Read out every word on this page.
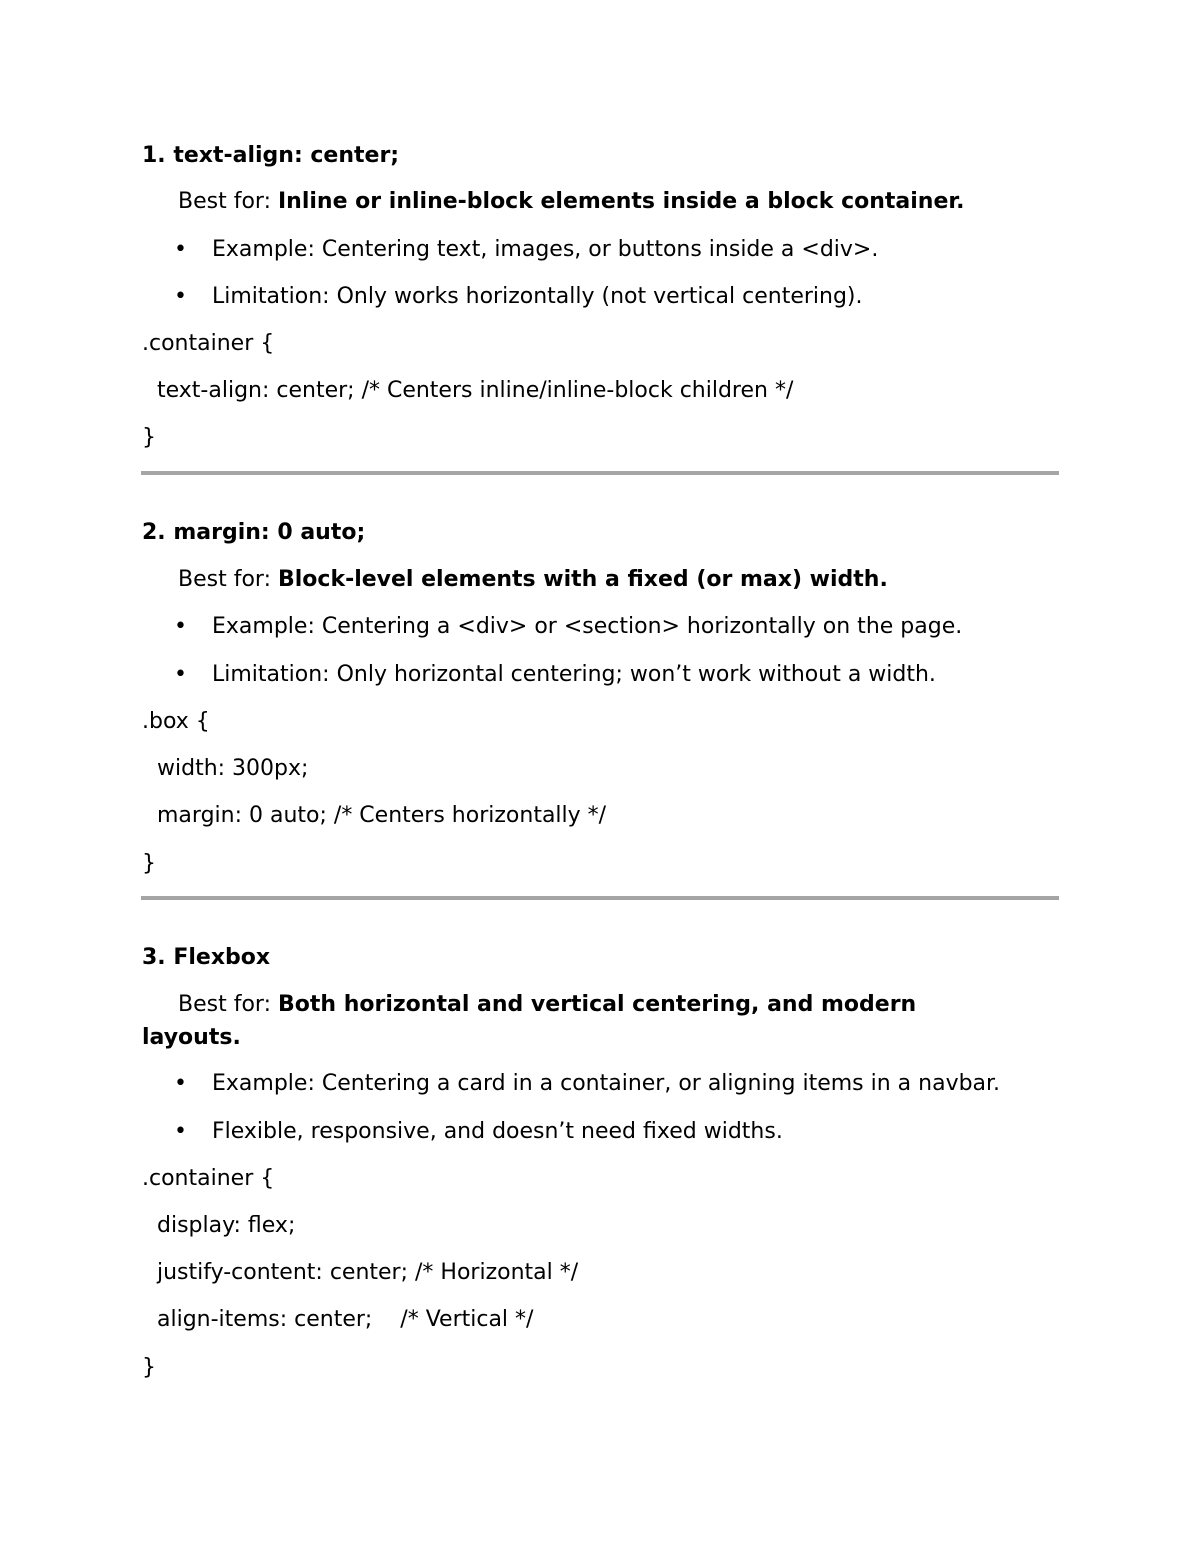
1. text-align: center;

Best for: Inline or inline-block elements inside a block container.

• Example: Centering text, images, or buttons inside a <div>.

• Limitation: Only works horizontally (not vertical centering).

.container {

text-align: center; /* Centers inline/inline-block children */

}

2. margin: 0 auto;

Best for: Block-level elements with a fixed (or max) width.

• Example: Centering a <div> or <section> horizontally on the page.

• Limitation: Only horizontal centering; won’t work without a width.

.box {

width: 300px;

margin: 0 auto; /* Centers horizontally */

}

3. Flexbox

Best for: Both horizontal and vertical centering, and modern layouts.

• Example: Centering a card in a container, or aligning items in a navbar.

• Flexible, responsive, and doesn’t need fixed widths.

.container {

display: flex;

justify-content: center; /* Horizontal */

align-items: center;    /* Vertical */

}
